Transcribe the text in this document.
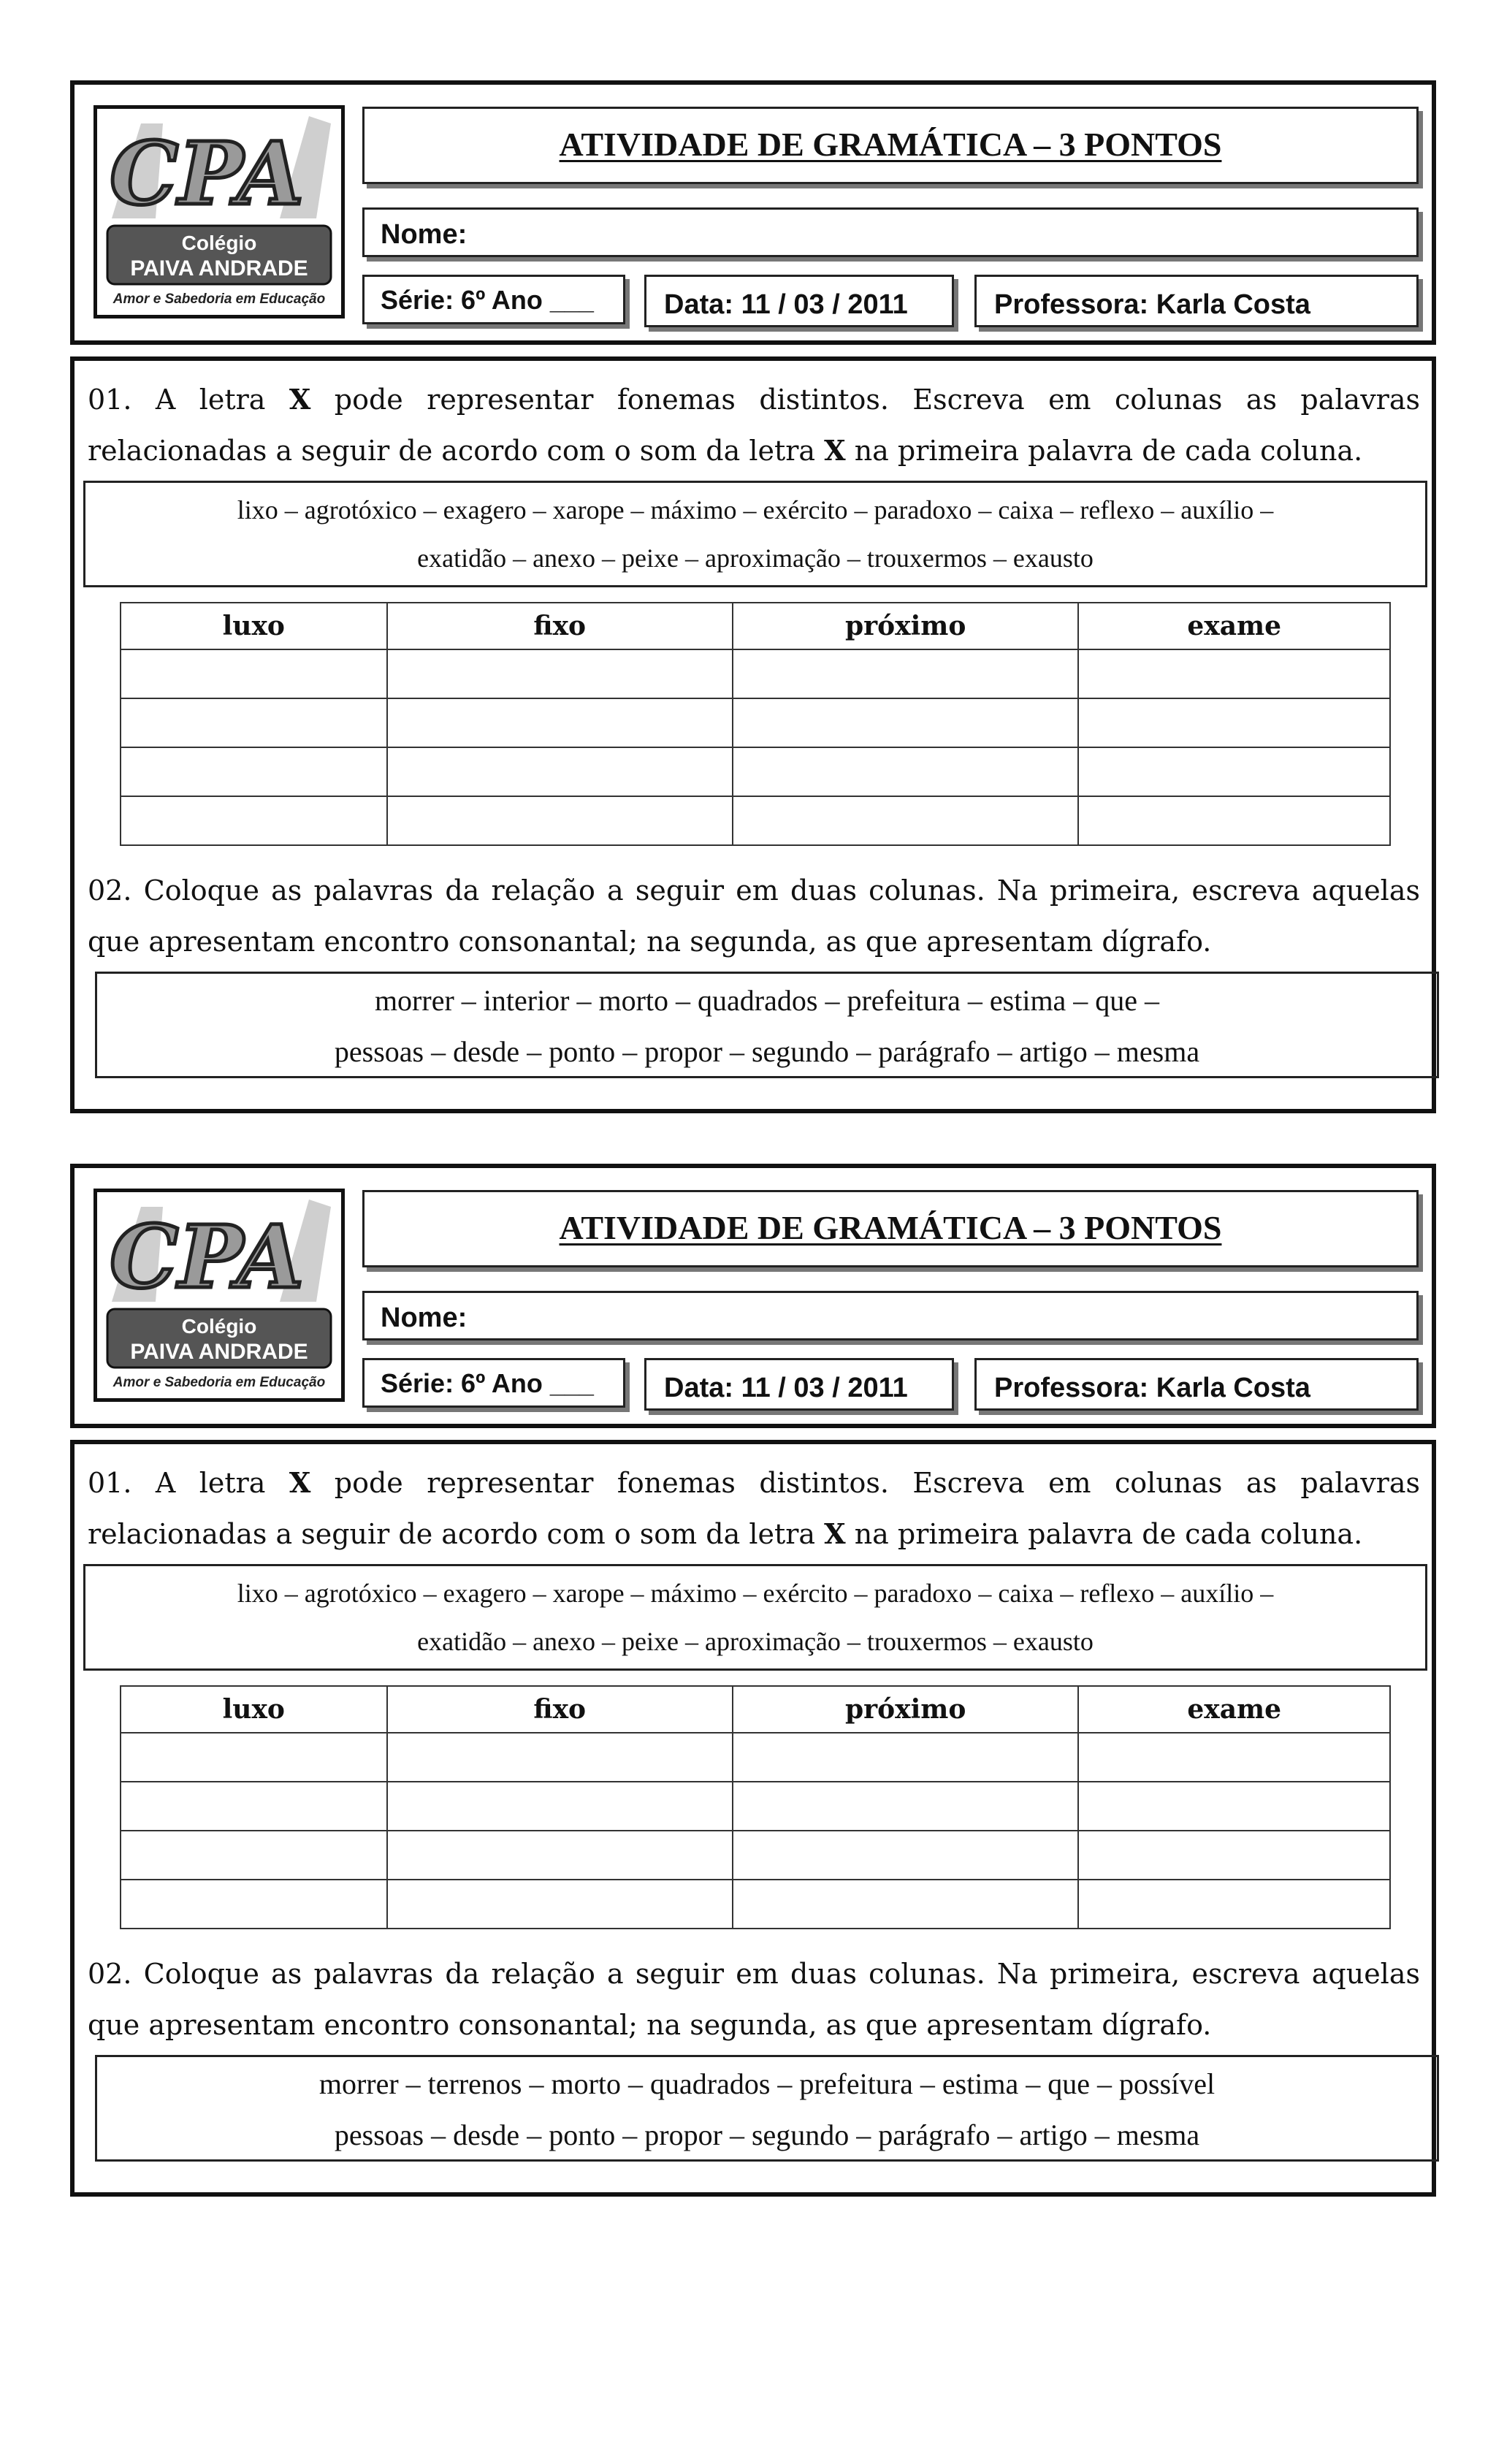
CPA
Colégio
PAIVA ANDRADE
Amor e Sabedoria em Educação
ATIVIDADE DE GRAMÁTICA – 3 PONTOS
Nome:
Série: 6º Ano ___	Data: 11 / 03 / 2011	Professora: Karla Costa
01. A letra X pode representar fonemas distintos. Escreva em colunas as palavras relacionadas a seguir de acordo com o som da letra X na primeira palavra de cada coluna.
lixo – agrotóxico – exagero – xarope – máximo – exército – paradoxo – caixa – reflexo – auxílio –
exatidão – anexo – peixe – aproximação – trouxermos – exausto
luxo	fixo	próximo	exame

02. Coloque as palavras da relação a seguir em duas colunas. Na primeira, escreva aquelas que apresentam encontro consonantal; na segunda, as que apresentam dígrafo.
morrer – interior – morto – quadrados – prefeitura – estima – que –
pessoas – desde – ponto – propor – segundo – parágrafo – artigo – mesma
CPA
Colégio
PAIVA ANDRADE
Amor e Sabedoria em Educação
ATIVIDADE DE GRAMÁTICA – 3 PONTOS
Nome:
Série: 6º Ano ___	Data: 11 / 03 / 2011	Professora: Karla Costa
01. A letra X pode representar fonemas distintos. Escreva em colunas as palavras relacionadas a seguir de acordo com o som da letra X na primeira palavra de cada coluna.
lixo – agrotóxico – exagero – xarope – máximo – exército – paradoxo – caixa – reflexo – auxílio –
exatidão – anexo – peixe – aproximação – trouxermos – exausto
luxo	fixo	próximo	exame

02. Coloque as palavras da relação a seguir em duas colunas. Na primeira, escreva aquelas que apresentam encontro consonantal; na segunda, as que apresentam dígrafo.
morrer – terrenos – morto – quadrados – prefeitura – estima – que – possível
pessoas – desde – ponto – propor – segundo – parágrafo – artigo – mesma
